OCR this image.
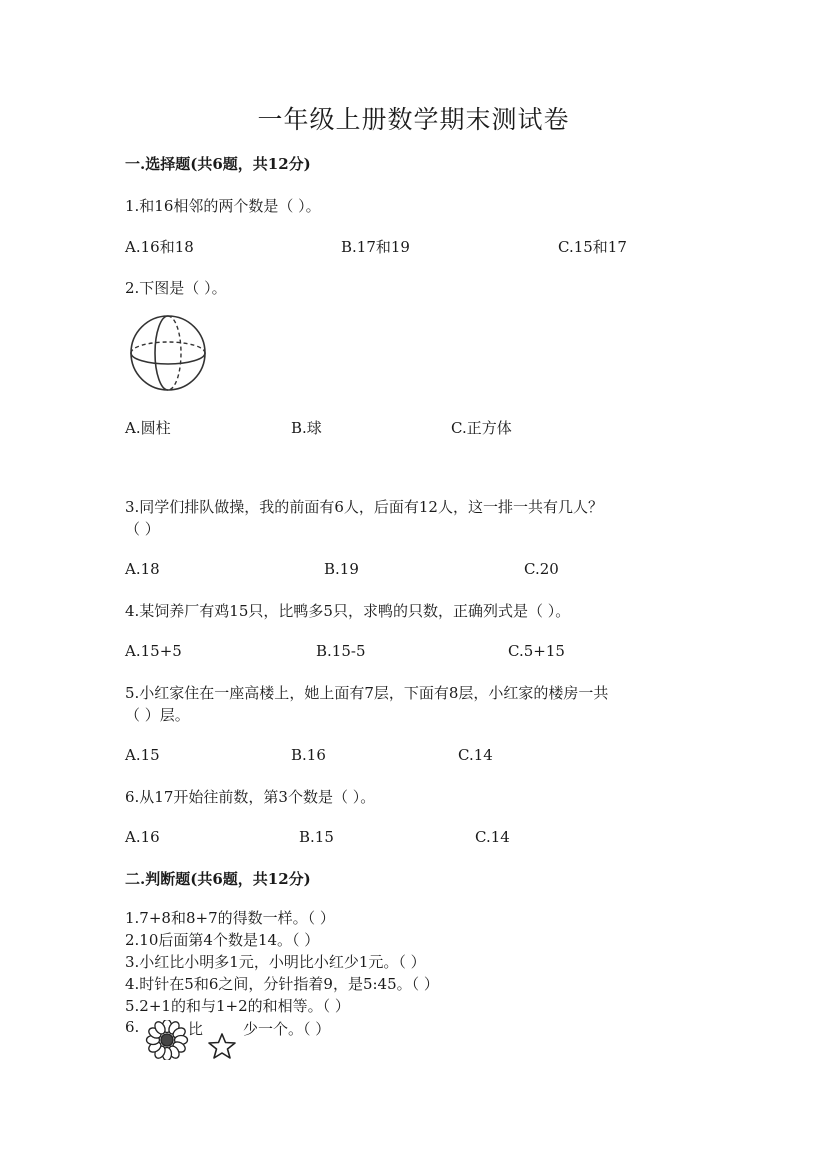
一年级上册数学期末测试卷
一.选择题(共6题，共12分)
1.和16相邻的两个数是（ ）。
A.16和18	B.17和19	C.15和17
2.下图是（ ）。
A.圆柱	B.球	C.正方体
3.同学们排队做操，我的前面有6人，后面有12人，这一排一共有几人？
（ ）
A.18	B.19	C.20
4.某饲养厂有鸡15只，比鸭多5只，求鸭的只数，正确列式是（ ）。
A.15+5	B.15-5	C.5+15
5.小红家住在一座高楼上，她上面有7层，下面有8层，小红家的楼房一共
（ ）层。
A.15	B.16	C.14
6.从17开始往前数，第3个数是（ ）。
A.16	B.15	C.14
二.判断题(共6题，共12分)
1.7+8和8+7的得数一样。（ ）
2.10后面第4个数是14。（ ）
3.小红比小明多1元，小明比小红少1元。（ ）
4.时针在5和6之间，分针指着9，是5:45。（ ）
5.2+1的和与1+2的和相等。（ ）
6.	比	少一个。（ ）
